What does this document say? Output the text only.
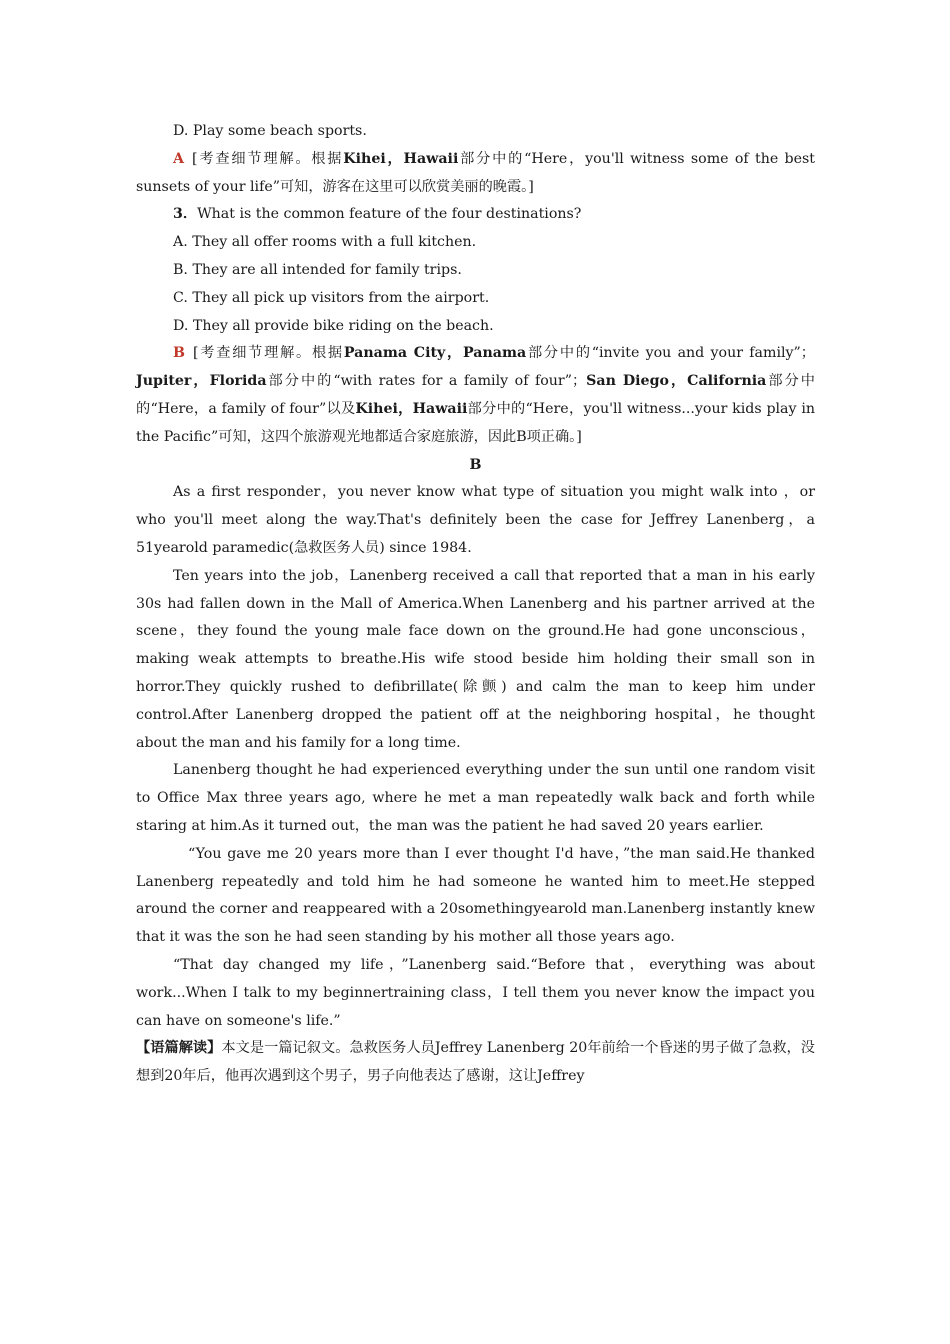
D. Play some beach sports.

A [考查细节理解。根据Kihei，Hawaii部分中的“Here，you'll witness some of the best sunsets of your life”可知，游客在这里可以欣赏美丽的晚霞。]

3．What is the common feature of the four destinations?

A. They all offer rooms with a full kitchen.

B. They are all intended for family trips.

C. They all pick up visitors from the airport.

D. They all provide bike riding on the beach.

B [考查细节理解。根据Panama City，Panama部分中的“invite you and your family”；Jupiter，Florida部分中的“with rates for a family of four”；San Diego，California部分中的“Here，a family of four”以及Kihei，Hawaii部分中的“Here，you'll witness...your kids play in the Pacific”可知，这四个旅游观光地都适合家庭旅游，因此B项正确。]

B

As a first responder，you never know what type of situation you might walk into ，or who you'll meet along the way.That's definitely been the case for Jeffrey Lanenberg，a 51yearold paramedic(急救医务人员) since 1984.

Ten years into the job，Lanenberg received a call that reported that a man in his early 30s had fallen down in the Mall of America.When Lanenberg and his partner arrived at the scene，they found the young male face down on the ground.He had gone unconscious，making weak attempts to breathe.His wife stood beside him holding their small son in horror.They quickly rushed to defibrillate(除颤) and calm the man to keep him under control.After Lanenberg dropped the patient off at the neighboring hospital，he thought about the man and his family for a long time.

Lanenberg thought he had experienced everything under the sun until one random visit to Office Max three years ago, where he met a man repeatedly walk back and forth while staring at him.As it turned out，the man was the patient he had saved 20 years earlier.

“You gave me 20 years more than I ever thought I'd have，”the man said.He thanked Lanenberg repeatedly and told him he had someone he wanted him to meet.He stepped around the corner and reappeared with a 20somethingyearold man.Lanenberg instantly knew that it was the son he had seen standing by his mother all those years ago.

“That day changed my life，”Lanenberg said.“Before that，everything was about work...When I talk to my beginnertraining class，I tell them you never know the impact you can have on someone's life.”

【语篇解读】本文是一篇记叙文。急救医务人员Jeffrey Lanenberg 20年前给一个昏迷的男子做了急救，没想到20年后，他再次遇到这个男子，男子向他表达了感谢，这让Jeffrey
